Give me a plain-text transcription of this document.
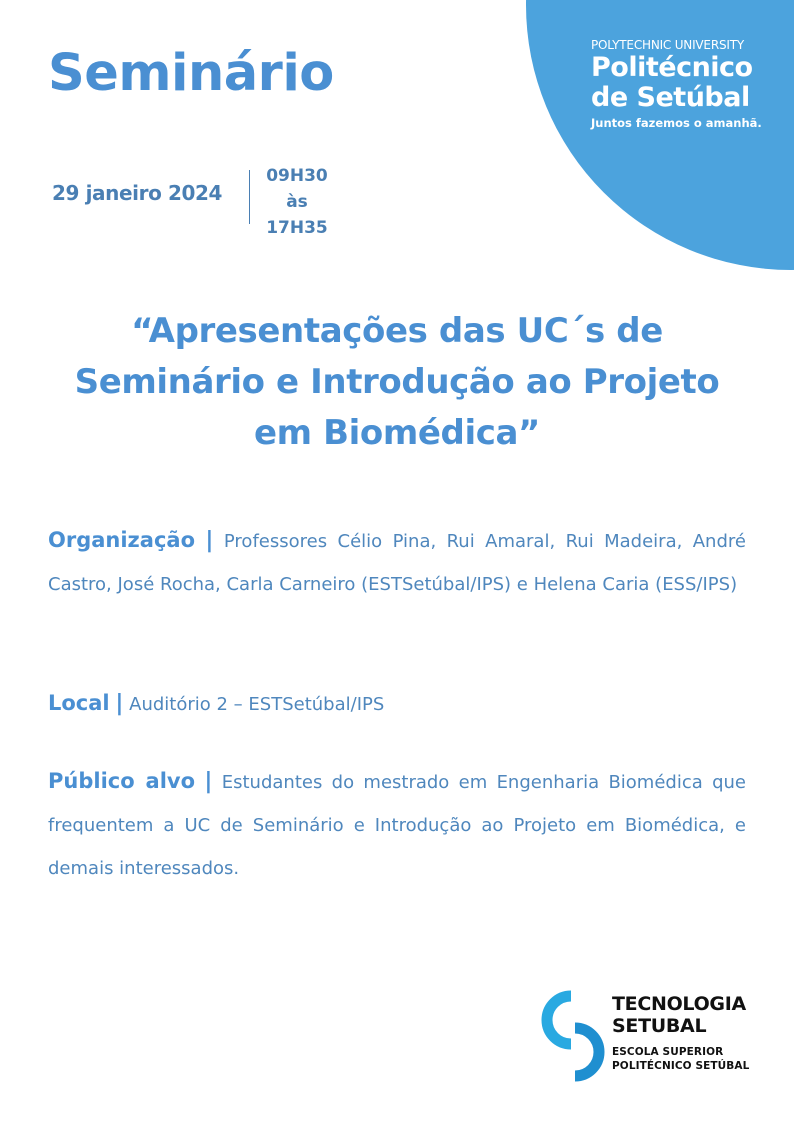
POLYTECHNIC UNIVERSITY
Politécnico
de Setúbal
Juntos fazemos o amanhã.
Seminário
29 janeiro 2024
09H30
às
17H35
“Apresentações das UC´s de
Seminário e Introdução ao Projeto
em Biomédica”
Organização | Professores Célio Pina, Rui Amaral, Rui Madeira, André Castro, José Rocha, Carla Carneiro (ESTSetúbal/IPS) e Helena Caria (ESS/IPS)
Local | Auditório 2 – ESTSetúbal/IPS
Público alvo | Estudantes do mestrado em Engenharia Biomédica que frequentem a UC de Seminário e Introdução ao Projeto em Biomédica, e demais interessados.
TECNOLOGIA
SETUBAL
ESCOLA SUPERIOR
POLITÉCNICO SETÚBAL
